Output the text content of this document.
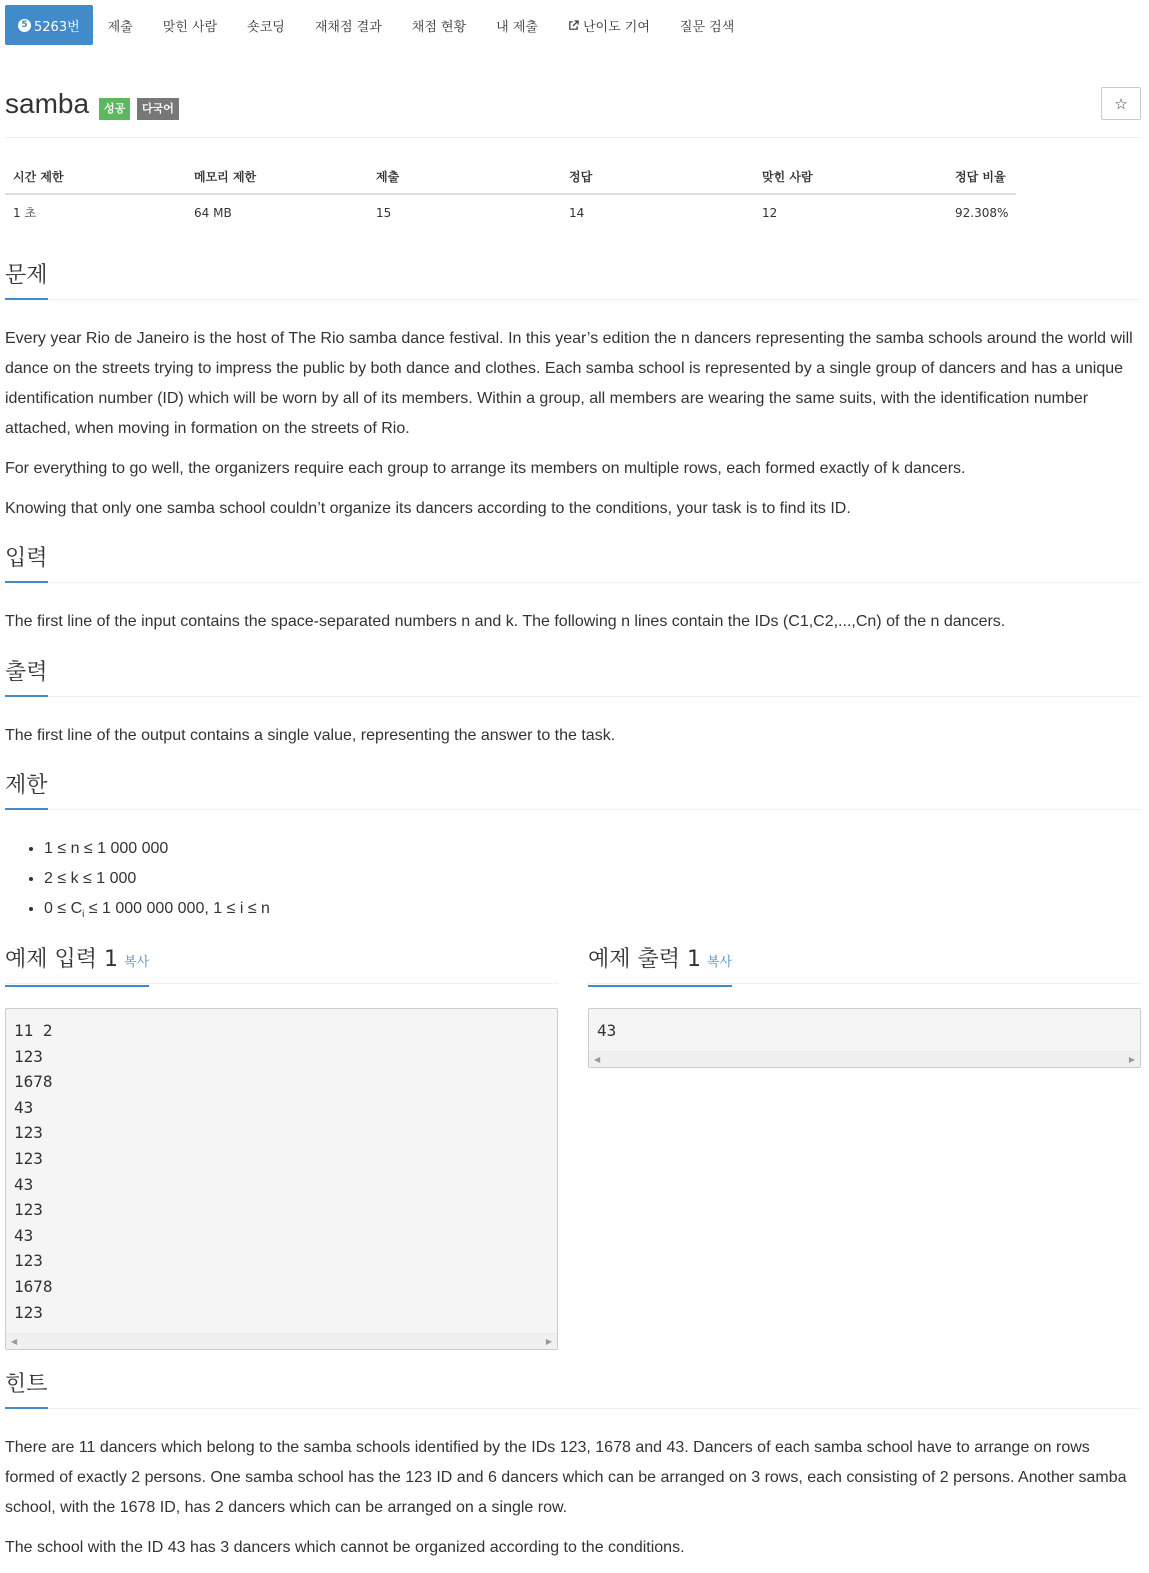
5 5263번	제출	맞힌 사람	숏코딩	재채점 결과	채점 현황	내 제출	난이도 기여	질문 검색
samba	성공	다국어	☆
시간 제한	메모리 제한	제출	정답	맞힌 사람	정답 비율
1 초	64 MB	15	14	12	92.308%
문제

Every year Rio de Janeiro is the host of The Rio samba dance festival. In this year’s edition the n dancers representing the samba schools around the world will dance on the streets trying to impress the public by both dance and clothes. Each samba school is represented by a single group of dancers and has a unique identification number (ID) which will be worn by all of its members. Within a group, all members are wearing the same suits, with the identification number attached, when moving in formation on the streets of Rio.

For everything to go well, the organizers require each group to arrange its members on multiple rows, each formed exactly of k dancers.

Knowing that only one samba school couldn’t organize its dancers according to the conditions, your task is to find its ID.

입력

The first line of the input contains the space-separated numbers n and k. The following n lines contain the IDs (C1,C2,...,Cn) of the n dancers.

출력

The first line of the output contains a single value, representing the answer to the task.

제한
• 1 ≤ n ≤ 1 000 000
• 2 ≤ k ≤ 1 000
• $0 \le C_i \le 1$ 000 000 000, 1 ≤ i ≤ n
예제 입력 1 복사
11 2
123
1678
43
123
123
43
123
43
123
1678
123
◀	▶
예제 출력 1 복사
43
◀	▶
힌트

There are 11 dancers which belong to the samba schools identified by the IDs 123, 1678 and 43. Dancers of each samba school have to arrange on rows formed of exactly 2 persons. One samba school has the 123 ID and 6 dancers which can be arranged on 3 rows, each consisting of 2 persons. Another samba school, with the 1678 ID, has 2 dancers which can be arranged on a single row.

The school with the ID 43 has 3 dancers which cannot be organized according to the conditions.
